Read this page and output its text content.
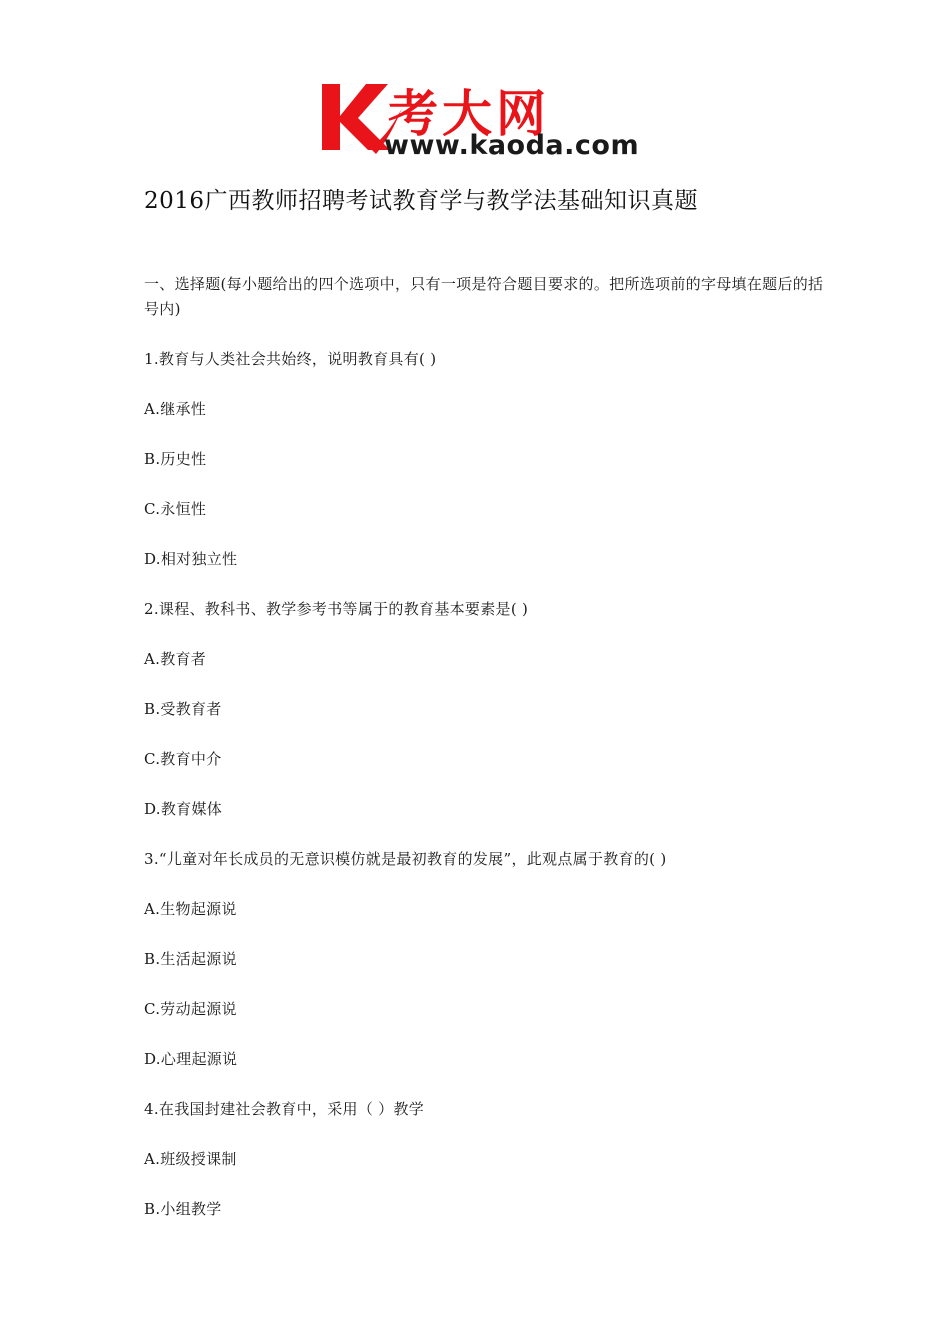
考大网
www.kaoda.com
2016广西教师招聘考试教育学与教学法基础知识真题
一、选择题(每小题给出的四个选项中，只有一项是符合题目要求的。把所选项前的字母填在题后的括号内)
1.教育与人类社会共始终，说明教育具有( )
A.继承性
B.历史性
C.永恒性
D.相对独立性
2.课程、教科书、教学参考书等属于的教育基本要素是( )
A.教育者
B.受教育者
C.教育中介
D.教育媒体
3.“儿童对年长成员的无意识模仿就是最初教育的发展”，此观点属于教育的( )
A.生物起源说
B.生活起源说
C.劳动起源说
D.心理起源说
4.在我国封建社会教育中，采用（ ）教学
A.班级授课制
B.小组教学
